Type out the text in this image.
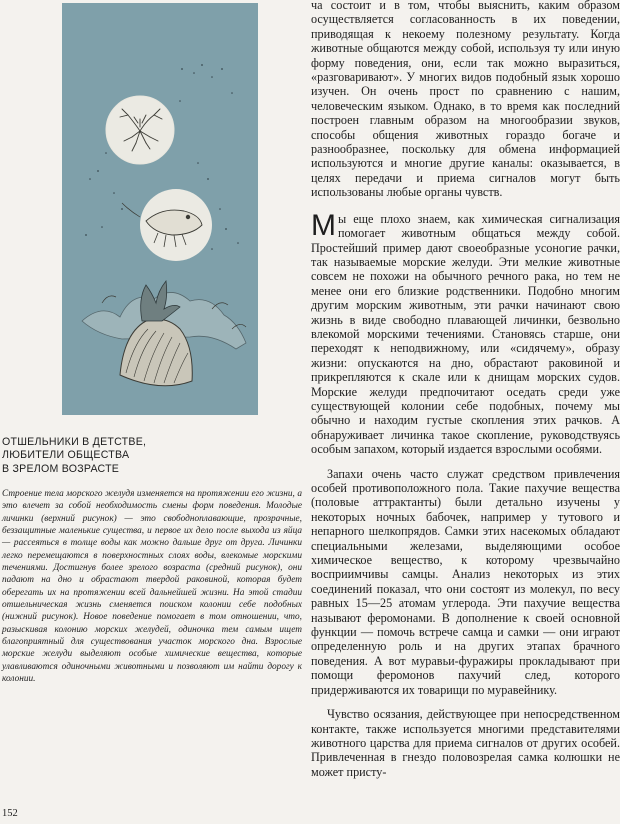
ОТШЕЛЬНИКИ В ДЕТСТВЕ,
ЛЮБИТЕЛИ ОБЩЕСТВА
В ЗРЕЛОМ ВОЗРАСТЕ

Строение тела морского желудя изменяется на протяжении его жизни, а это влечет за собой необходимость смены форм поведения. Молодые личинки (верхний рисунок) — это свободноплавающие, прозрачные, беззащитные маленькие существа, и первое их дело после выхода из яйца — рассеяться в толще воды как можно дальше друг от друга. Личинки легко перемещаются в поверхностных слоях воды, влекомые морскими течениями. Достигнув более зрелого возраста (средний рисунок), они падают на дно и обрастают твердой раковиной, которая будет оберегать их на протяжении всей дальнейшей жизни. На этой стадии отшельническая жизнь сменяется поиском колонии себе подобных (нижний рисунок). Новое поведение помогает в том отношении, что, разыскивая колонию морских желудей, одиночка тем самым ищет благоприятный для существования участок морского дна. Взрослые морские желуди выделяют особые химические вещества, которые улавливаются одиночными животными и позволяют им найти дорогу к колонии.

152

ча состоит и в том, чтобы выяснить, каким образом осуществляется согласованность в их поведении, приводящая к некоему полезному результату. Когда животные общаются между собой, используя ту или иную форму поведения, они, если так можно выразиться, «разговаривают». У многих видов подобный язык хорошо изучен. Он очень прост по сравнению с нашим, человеческим языком. Однако, в то время как последний построен главным образом на многообразии звуков, способы общения животных гораздо богаче и разнообразнее, поскольку для обмена информацией используются и многие другие каналы: оказывается, в целях передачи и приема сигналов могут быть использованы любые органы чувств.

Мы еще плохо знаем, как химическая сигнализация помогает животным общаться между собой. Простейший пример дают своеобразные усоногие рачки, так называемые морские желуди. Эти мелкие животные совсем не похожи на обычного речного рака, но тем не менее они его близкие родственники. Подобно многим другим морским животным, эти рачки начинают свою жизнь в виде свободно плавающей личинки, безвольно влекомой морскими течениями. Становясь старше, они переходят к неподвижному, или «сидячему», образу жизни: опускаются на дно, обрастают раковиной и прикрепляются к скале или к днищам морских судов. Морские желуди предпочитают оседать среди уже существующей колонии себе подобных, почему мы обычно и находим густые скопления этих рачков. А обнаруживает личинка такое скопление, руководствуясь особым запахом, который издается взрослыми особями.

Запахи очень часто служат средством привлечения особей противоположного пола. Такие пахучие вещества (половые аттрактанты) были детально изучены у некоторых ночных бабочек, например у тутового и непарного шелкопрядов. Самки этих насекомых обладают специальными железами, выделяющими особое химическое вещество, к которому чрезвычайно восприимчивы самцы. Анализ некоторых из этих соединений показал, что они состоят из молекул, по весу равных 15—25 атомам углерода. Эти пахучие вещества называют феромонами. В дополнение к своей основной функции — помочь встрече самца и самки — они играют определенную роль и на других этапах брачного поведения. А вот муравьи-фуражиры прокладывают при помощи феромонов пахучий след, которого придерживаются их товарищи по муравейнику.

Чувство осязания, действующее при непосредственном контакте, также используется многими представителями животного царства для приема сигналов от других особей. Привлеченная в гнездо половозрелая самка колюшки не может присту-
